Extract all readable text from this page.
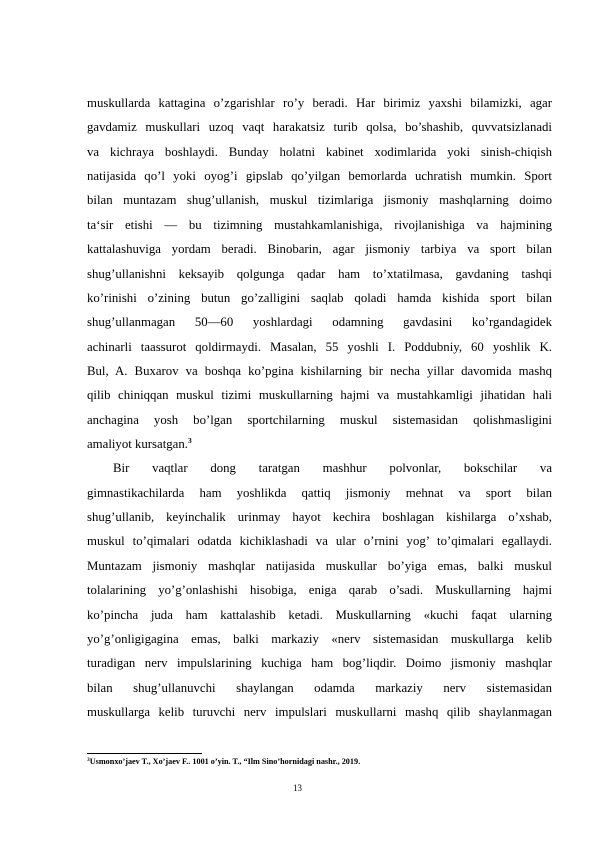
muskullarda kattagina o’zgarishlar ro’y beradi. Har birimiz yaxshi bilamizki, agar
gavdamiz muskullari uzoq vaqt harakatsiz turib qolsa, bo’shashib, quvvatsizlanadi
va kichraya boshlaydi. Bunday holatni kabinet xodimlarida yoki sinish-chiqish
natijasida qo’l yoki oyog’i gipslab qo’yilgan bemorlarda uchratish mumkin. Sport
bilan muntazam shug’ullanish, muskul tizimlariga jismoniy mashqlarning doimo
ta‘sir etishi — bu tizimning mustahkamlanishiga, rivojlanishiga va hajmining
kattalashuviga yordam beradi. Binobarin, agar jismoniy tarbiya va sport bilan
shug’ullanishni keksayib qolgunga qadar ham to’xtatilmasa, gavdaning tashqi
ko’rinishi o’zining butun go’zalligini saqlab qoladi hamda kishida sport bilan
shug’ullanmagan 50—60 yoshlardagi odamning gavdasini ko’rgandagidek
achinarli taassurot qoldirmaydi. Masalan, 55 yoshli I. Poddubniy, 60 yoshlik K.
Bul, A. Buxarov va boshqa ko’pgina kishilarning bir necha yillar davomida mashq
qilib chiniqqan muskul tizimi muskullarning hajmi va mustahkamligi jihatidan hali
anchagina yosh bo’lgan sportchilarning muskul sistemasidan qolishmasligini
amaliyot kursatgan.$^3$
Bir vaqtlar dong taratgan mashhur polvonlar, bokschilar va
gimnastikachilarda ham yoshlikda qattiq jismoniy mehnat va sport bilan
shug’ullanib, keyinchalik urinmay hayot kechira boshlagan kishilarga o’xshab,
muskul to’qimalari odatda kichiklashadi va ular o’rnini yog’ to’qimalari egallaydi.
Muntazam jismoniy mashqlar natijasida muskullar bo’yiga emas, balki muskul
tolalarining yo’g’onlashishi hisobiga, eniga qarab o’sadi. Muskullarning hajmi
ko’pincha juda ham kattalashib ketadi. Muskullarning «kuchi faqat ularning
yo’g’onligigagina emas, balki markaziy «nerv sistemasidan muskullarga kelib
turadigan nerv impulslarining kuchiga ham bog’liqdir. Doimo jismoniy mashqlar
bilan shug’ullanuvchi shaylangan odamda markaziy nerv sistemasidan
muskullarga kelib turuvchi nerv impulslari muskullarni mashq qilib shaylanmagan
$^3$Usmonxo’jaev T., Xo’jaev F.. 1001 o’yin. T., “Ilm Sino’hornidagi nashr., 2019.
13
